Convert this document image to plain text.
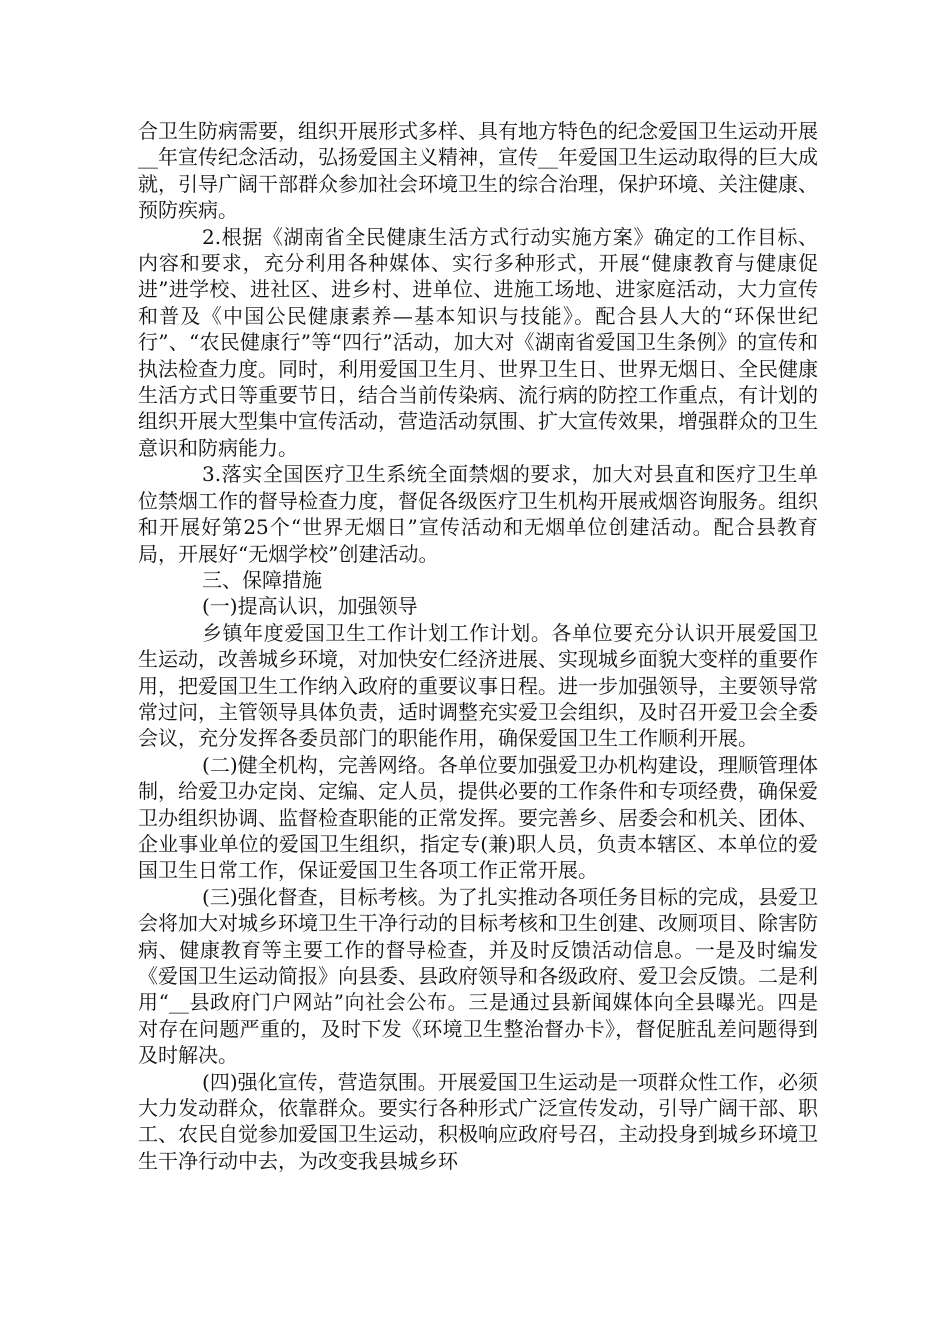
合卫生防病需要，组织开展形式多样、具有地方特色的纪念爱国卫生运动开展__年宣传纪念活动，弘扬爱国主义精神，宣传__年爱国卫生运动取得的巨大成就，引导广阔干部群众参加社会环境卫生的综合治理，保护环境、关注健康、预防疾病。

2.根据《湖南省全民健康生活方式行动实施方案》确定的工作目标、内容和要求，充分利用各种媒体、实行多种形式，开展“健康教育与健康促进”进学校、进社区、进乡村、进单位、进施工场地、进家庭活动，大力宣传和普及《中国公民健康素养—基本知识与技能》。配合县人大的“环保世纪行”、“农民健康行”等“四行”活动，加大对《湖南省爱国卫生条例》的宣传和执法检查力度。同时，利用爱国卫生月、世界卫生日、世界无烟日、全民健康生活方式日等重要节日，结合当前传染病、流行病的防控工作重点，有计划的组织开展大型集中宣传活动，营造活动氛围、扩大宣传效果，增强群众的卫生意识和防病能力。

3.落实全国医疗卫生系统全面禁烟的要求，加大对县直和医疗卫生单位禁烟工作的督导检查力度，督促各级医疗卫生机构开展戒烟咨询服务。组织和开展好第25个“世界无烟日”宣传活动和无烟单位创建活动。配合县教育局，开展好“无烟学校”创建活动。

三、保障措施

(一)提高认识，加强领导

乡镇年度爱国卫生工作计划工作计划。各单位要充分认识开展爱国卫生运动，改善城乡环境，对加快安仁经济进展、实现城乡面貌大变样的重要作用，把爱国卫生工作纳入政府的重要议事日程。进一步加强领导，主要领导常常过问，主管领导具体负责，适时调整充实爱卫会组织，及时召开爱卫会全委会议，充分发挥各委员部门的职能作用，确保爱国卫生工作顺利开展。

(二)健全机构，完善网络。各单位要加强爱卫办机构建设，理顺管理体制，给爱卫办定岗、定编、定人员，提供必要的工作条件和专项经费，确保爱卫办组织协调、监督检查职能的正常发挥。要完善乡、居委会和机关、团体、企业事业单位的爱国卫生组织，指定专(兼)职人员，负责本辖区、本单位的爱国卫生日常工作，保证爱国卫生各项工作正常开展。

(三)强化督查，目标考核。为了扎实推动各项任务目标的完成，县爱卫会将加大对城乡环境卫生干净行动的目标考核和卫生创建、改厕项目、除害防病、健康教育等主要工作的督导检查，并及时反馈活动信息。一是及时编发《爱国卫生运动简报》向县委、县政府领导和各级政府、爱卫会反馈。二是利用“__县政府门户网站”向社会公布。三是通过县新闻媒体向全县曝光。四是对存在问题严重的，及时下发《环境卫生整治督办卡》，督促脏乱差问题得到及时解决。

(四)强化宣传，营造氛围。开展爱国卫生运动是一项群众性工作，必须大力发动群众，依靠群众。要实行各种形式广泛宣传发动，引导广阔干部、职工、农民自觉参加爱国卫生运动，积极响应政府号召，主动投身到城乡环境卫生干净行动中去，为改变我县城乡环
